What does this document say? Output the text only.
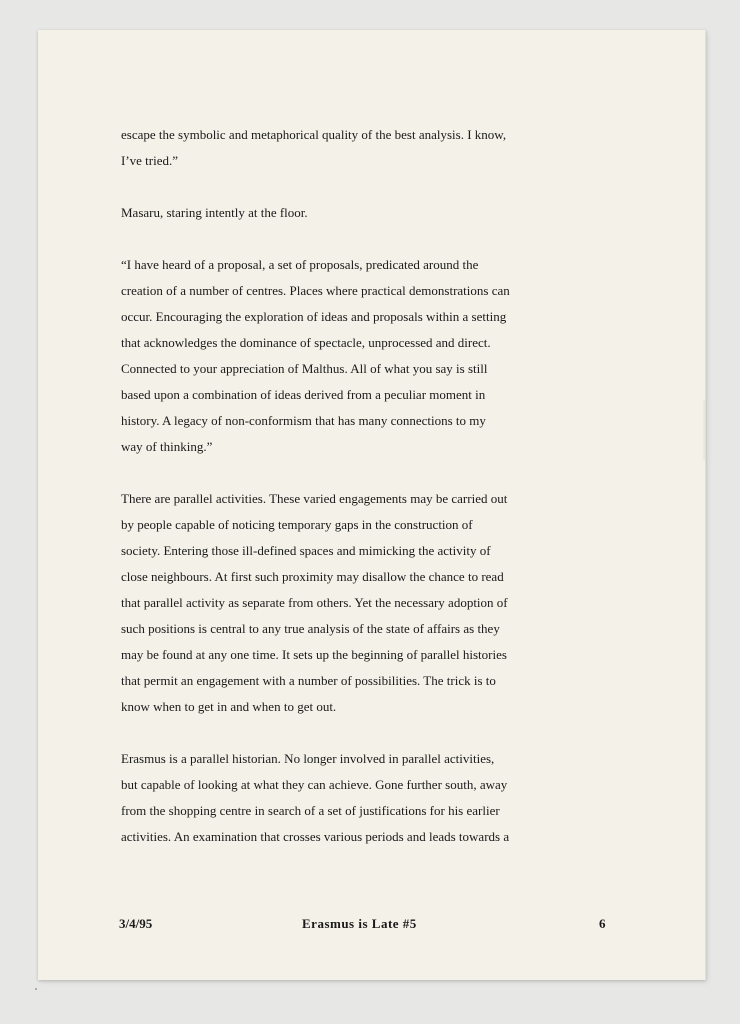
escape the symbolic and metaphorical quality of the best analysis. I know,
I’ve tried.”

Masaru, staring intently at the floor.

“I have heard of a proposal, a set of proposals, predicated around the
creation of a number of centres. Places where practical demonstrations can
occur. Encouraging the exploration of ideas and proposals within a setting
that acknowledges the dominance of spectacle, unprocessed and direct.
Connected to your appreciation of Malthus. All of what you say is still
based upon a combination of ideas derived from a peculiar moment in
history. A legacy of non-conformism that has many connections to my
way of thinking.”

There are parallel activities. These varied engagements may be carried out
by people capable of noticing temporary gaps in the construction of
society. Entering those ill-defined spaces and mimicking the activity of
close neighbours. At first such proximity may disallow the chance to read
that parallel activity as separate from others. Yet the necessary adoption of
such positions is central to any true analysis of the state of affairs as they
may be found at any one time. It sets up the beginning of parallel histories
that permit an engagement with a number of possibilities. The trick is to
know when to get in and when to get out.

Erasmus is a parallel historian. No longer involved in parallel activities,
but capable of looking at what they can achieve. Gone further south, away
from the shopping centre in search of a set of justifications for his earlier
activities. An examination that crosses various periods and leads towards a

3/4/95	Erasmus is Late #5	6
